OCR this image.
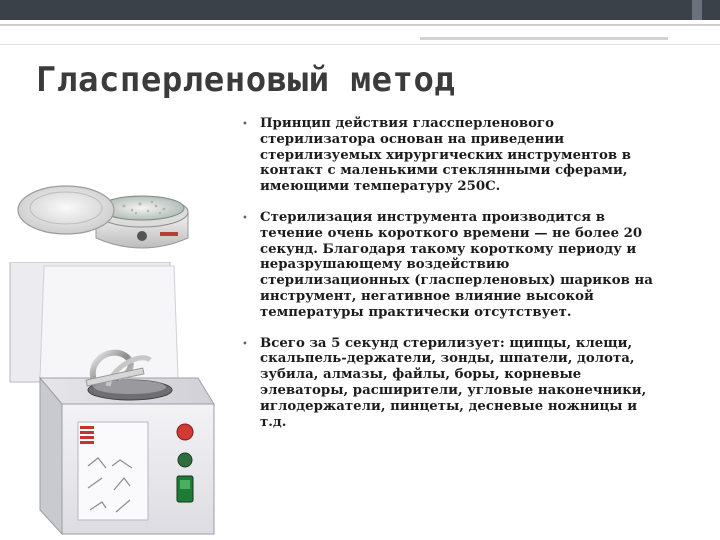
Гласперленовый метод
• Принцип действия глассперленового стерилизатора основан на приведении стерилизуемых хирургических инструментов в контакт с маленькими стеклянными сферами, имеющими температуру 250С.
• Стерилизация инструмента производится в течение очень короткого времени — не более 20 секунд. Благодаря такому короткому периоду и неразрушающему воздействию стерилизационных (гласперленовых) шариков на инструмент, негативное влияние высокой температуры практически отсутствует.
• Всего за 5 секунд стерилизует: щипцы, клещи, скальпель-держатели, зонды, шпатели, долота, зубила, алмазы, файлы, боры, корневые элеваторы, расширители, угловые наконечники, иглодержатели, пинцеты, десневые ножницы и т.д.
